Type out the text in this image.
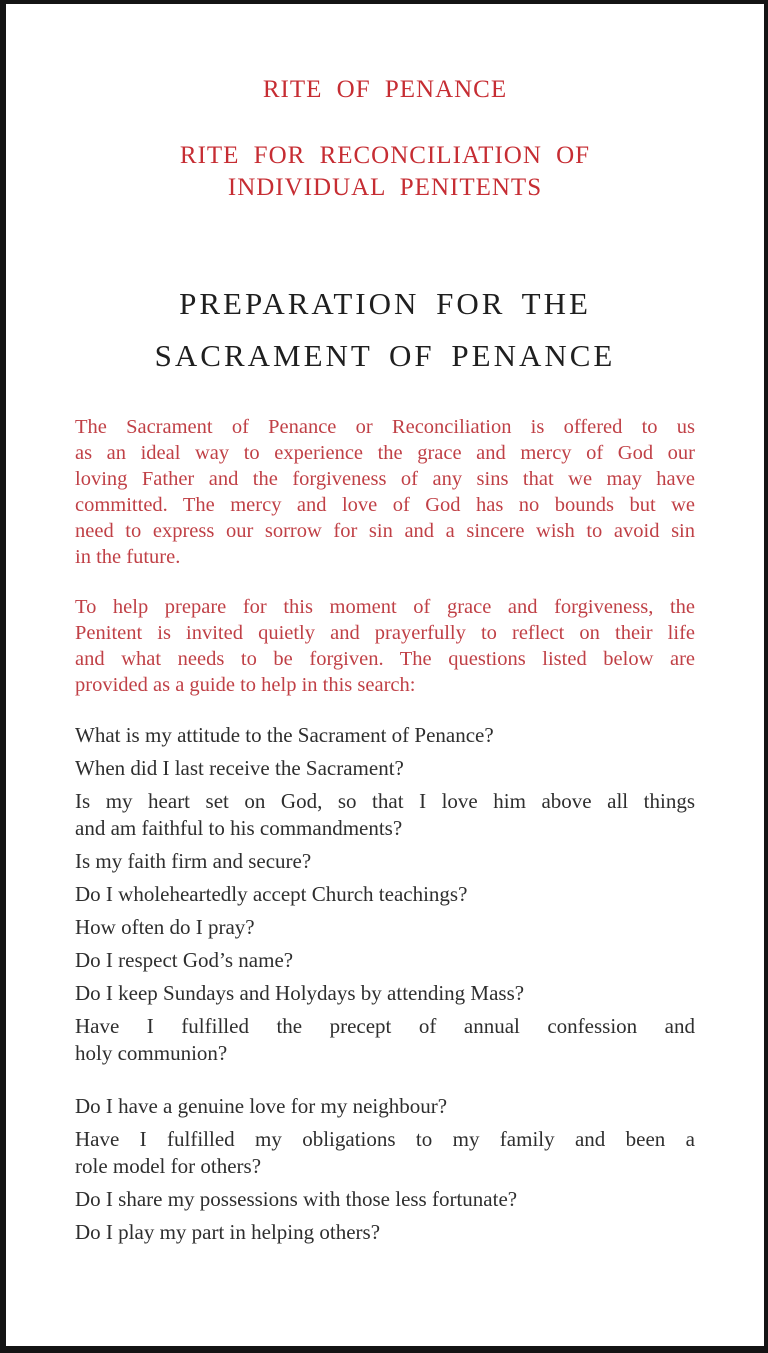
RITE OF PENANCE
RITE FOR RECONCILIATION OF
INDIVIDUAL PENITENTS
PREPARATION FOR THE
SACRAMENT OF PENANCE
The Sacrament of Penance or Reconciliation is offered to us
as an ideal way to experience the grace and mercy of God our
loving Father and the forgiveness of any sins that we may have
committed. The mercy and love of God has no bounds but we
need to express our sorrow for sin and a sincere wish to avoid sin
in the future.
To help prepare for this moment of grace and forgiveness, the
Penitent is invited quietly and prayerfully to reflect on their life
and what needs to be forgiven. The questions listed below are
provided as a guide to help in this search:
What is my attitude to the Sacrament of Penance?
When did I last receive the Sacrament?
Is my heart set on God, so that I love him above all things
and am faithful to his commandments?
Is my faith firm and secure?
Do I wholeheartedly accept Church teachings?
How often do I pray?
Do I respect God’s name?
Do I keep Sundays and Holydays by attending Mass?
Have I fulfilled the precept of annual confession and
holy communion?
Do I have a genuine love for my neighbour?
Have I fulfilled my obligations to my family and been a
role model for others?
Do I share my possessions with those less fortunate?
Do I play my part in helping others?
